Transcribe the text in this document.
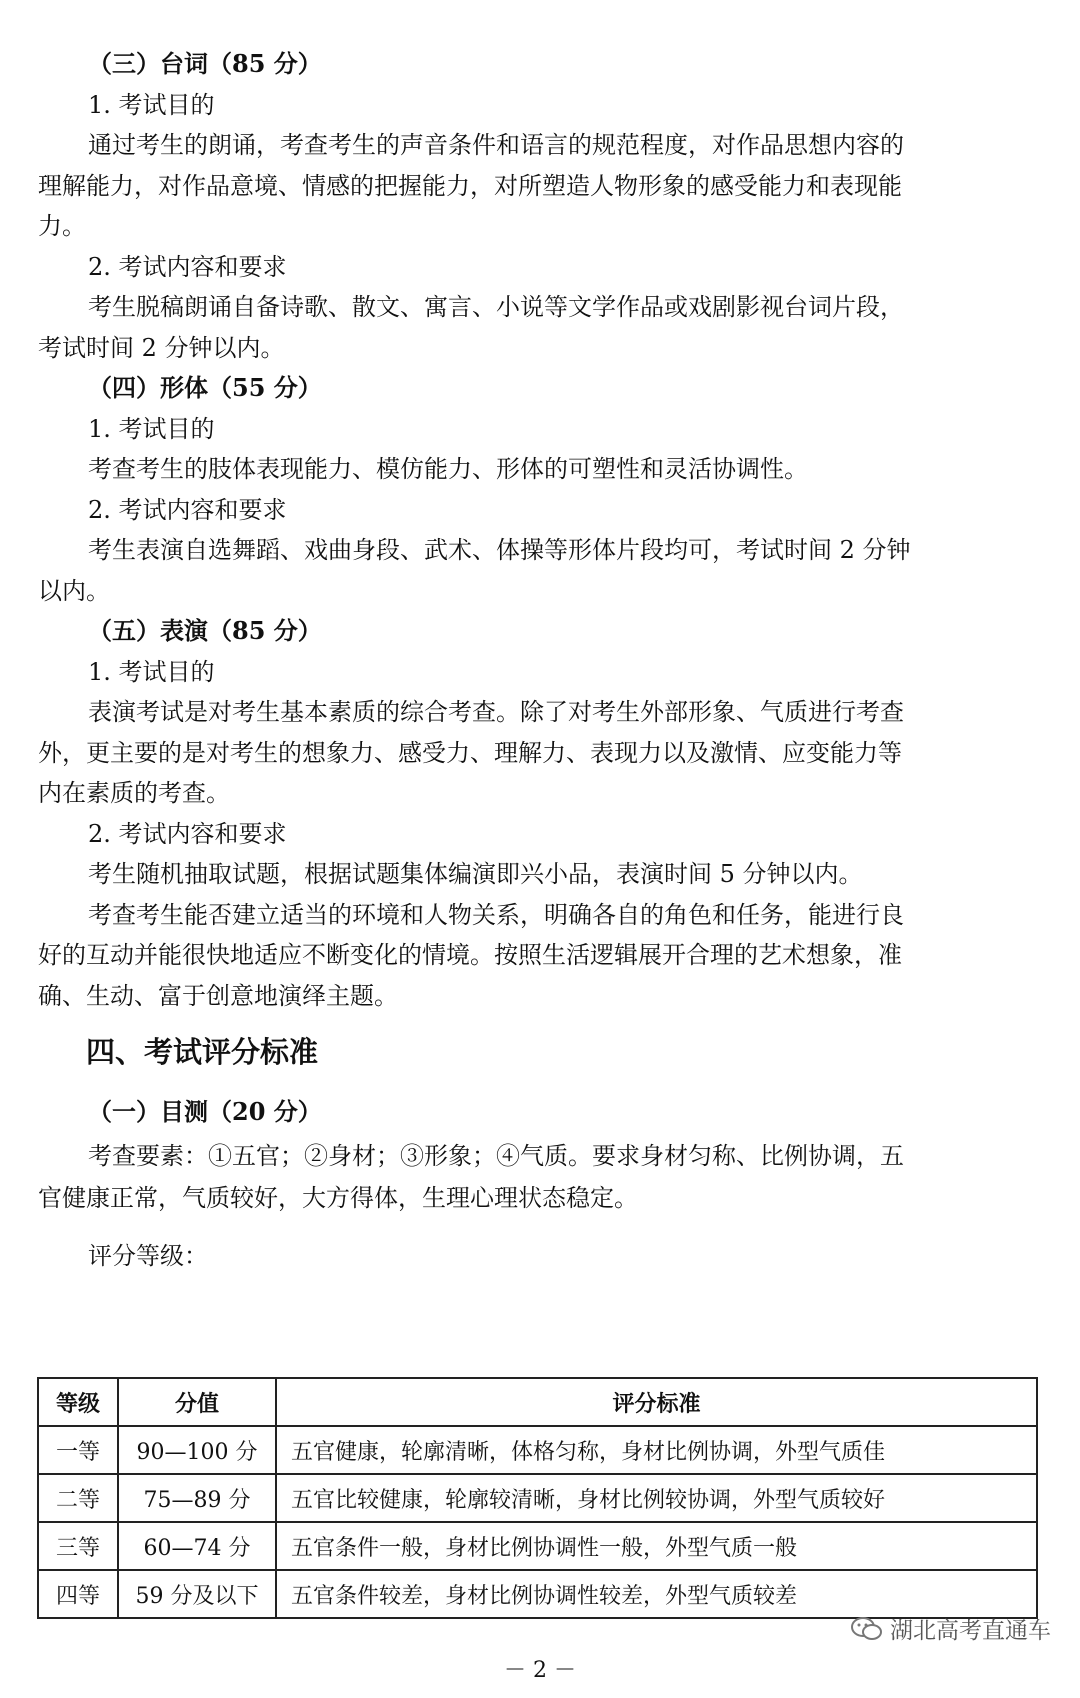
（三）台词（85 分）
1. 考试目的
通过考生的朗诵，考查考生的声音条件和语言的规范程度，对作品思想内容的
理解能力，对作品意境、情感的把握能力，对所塑造人物形象的感受能力和表现能
力。
2. 考试内容和要求
考生脱稿朗诵自备诗歌、散文、寓言、小说等文学作品或戏剧影视台词片段，
考试时间 2 分钟以内。
（四）形体（55 分）
1. 考试目的
考查考生的肢体表现能力、模仿能力、形体的可塑性和灵活协调性。
2. 考试内容和要求
考生表演自选舞蹈、戏曲身段、武术、体操等形体片段均可，考试时间 2 分钟
以内。
（五）表演（85 分）
1. 考试目的
表演考试是对考生基本素质的综合考查。除了对考生外部形象、气质进行考查
外，更主要的是对考生的想象力、感受力、理解力、表现力以及激情、应变能力等
内在素质的考查。
2. 考试内容和要求
考生随机抽取试题，根据试题集体编演即兴小品，表演时间 5 分钟以内。
考查考生能否建立适当的环境和人物关系，明确各自的角色和任务，能进行良
好的互动并能很快地适应不断变化的情境。按照生活逻辑展开合理的艺术想象，准
确、生动、富于创意地演绎主题。
四、考试评分标准
（一）目测（20 分）
考查要素：①五官；②身材；③形象；④气质。要求身材匀称、比例协调，五
官健康正常，气质较好，大方得体，生理心理状态稳定。
评分等级：
等级	分值	评分标准
一等	90—100 分	五官健康，轮廓清晰，体格匀称，身材比例协调，外型气质佳
二等	75—89 分	五官比较健康，轮廓较清晰，身材比例较协调，外型气质较好
三等	60—74 分	五官条件一般，身材比例协调性一般，外型气质一般
四等	59 分及以下	五官条件较差，身材比例协调性较差，外型气质较差
湖北高考直通车
－ 2 －
